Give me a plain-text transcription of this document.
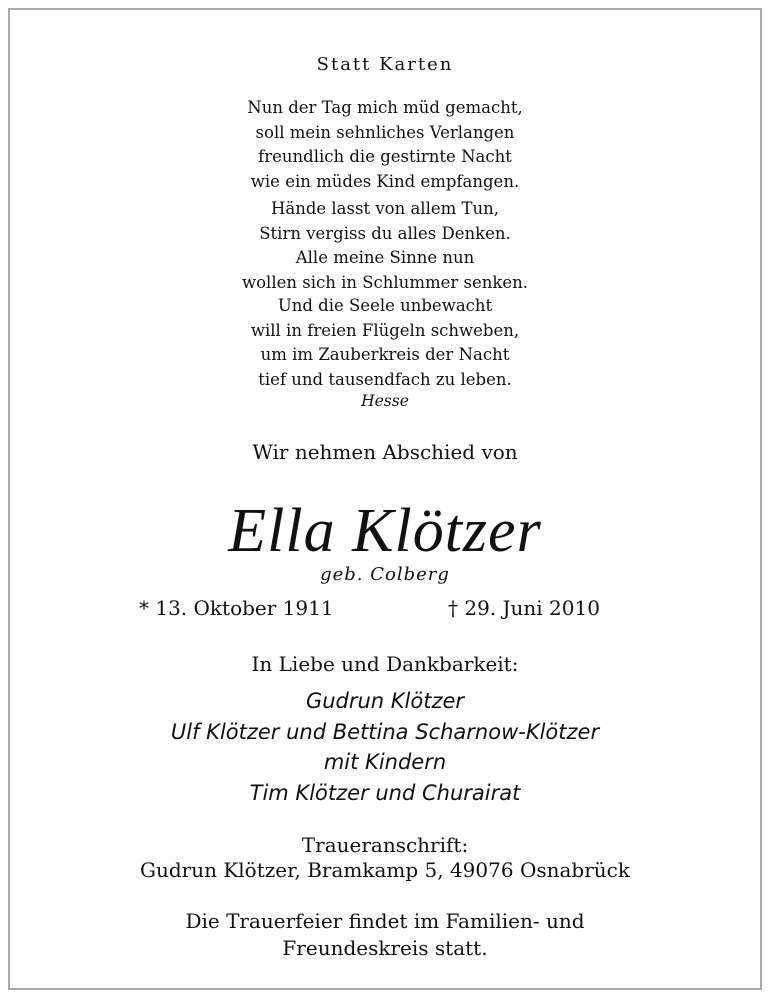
Statt Karten
Nun der Tag mich müd gemacht,
soll mein sehnliches Verlangen
freundlich die gestirnte Nacht
wie ein müdes Kind empfangen.
Hände lasst von allem Tun,
Stirn vergiss du alles Denken.
Alle meine Sinne nun
wollen sich in Schlummer senken.
Und die Seele unbewacht
will in freien Flügeln schweben,
um im Zauberkreis der Nacht
tief und tausendfach zu leben.
Hesse
Wir nehmen Abschied von
Ella Klötzer
geb. Colberg
* 13. Oktober 1911	† 29. Juni 2010
In Liebe und Dankbarkeit:
Gudrun Klötzer
Ulf Klötzer und Bettina Scharnow-Klötzer
mit Kindern
Tim Klötzer und Churairat
Traueranschrift:
Gudrun Klötzer, Bramkamp 5, 49076 Osnabrück
Die Trauerfeier findet im Familien- und
Freundeskreis statt.
